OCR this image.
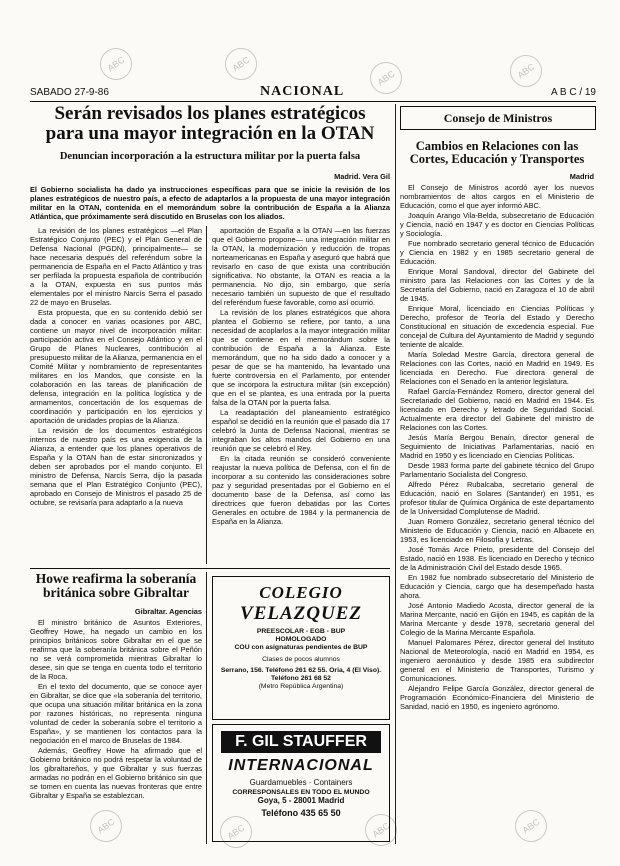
ABC	ABC
ABC	ABC
ABC	ABC	ABC	ABC
SABADO 27-9-86	NACIONAL	A B C / 19
Serán revisados los planes estratégicos
para una mayor integración en la OTAN
Denuncian incorporación a la estructura militar por la puerta falsa
Madrid. Vera Gil
El Gobierno socialista ha dado ya instrucciones específicas para que se inicie la revisión de los planes estratégicos de nuestro país, a efecto de adaptarlos a la propuesta de una mayor integración militar en la OTAN, contenida en el memorándum sobre la contribución de España a la Alianza Atlántica, que próximamente será discutido en Bruselas con los aliados.

La revisión de los planes estratégicos —el Plan Estratégico Conjunto (PEC) y el Plan General de Defensa Nacional (PGDN), principalmente— se hace necesaria después del referéndum sobre la permanencia de España en el Pacto Atlántico y tras ser perfilada la propuesta española de contribución a la OTAN, expuesta en sus puntos más elementales por el ministro Narcís Serra el pasado 22 de mayo en Bruselas.

Esta propuesta, que en su contenido debió ser dada a conocer en varias ocasiones por ABC, contiene un mayor nivel de incorporación militar: participación activa en el Consejo Atlántico y en el Grupo de Planes Nucleares, contribución al presupuesto militar de la Alianza, permanencia en el Comité Militar y nombramiento de representantes militares en los Mandos, que consiste en la colaboración en las tareas de planificación de defensa, integración en la política logística y de armamentos, concertación de los esquemas de coordinación y participación en los ejercicios y aportación de unidades propias de la Alianza.

La revisión de los documentos estratégicos internos de nuestro país es una exigencia de la Alianza, a entender que los planes operativos de España y la OTAN han de estar sincronizados y deben ser aprobados por el mando conjunto. El ministro de Defensa, Narcís Serra, dijo la pasada semana que el Plan Estratégico Conjunto (PEC), aprobado en Consejo de Ministros el pasado 25 de octubre, se revisaría para adaptarlo a la nueva

aportación de España a la OTAN —en las fuerzas que el Gobierno propone— una integración militar en la OTAN, la modernización y reducción de tropas norteamericanas en España y aseguró que habrá que revisarlo en caso de que exista una contribución significativa. No obstante, la OTAN es reacia a la permanencia. No dijo, sin embargo, que sería necesario también un supuesto de que el resultado del referéndum fuese favorable, como así ocurrió.

La revisión de los planes estratégicos que ahora plantea el Gobierno se refiere, por tanto, a una necesidad de acoplarlos a la mayor integración militar que se contiene en el memorándum sobre la contribución de España a la Alianza. Este memorándum, que no ha sido dado a conocer y a pesar de que se ha mantenido, ha levantado una fuerte controversia en el Parlamento, por entender que se incorpora la estructura militar (sin excepción) que en el se plantea, es una entrada por la puerta falsa de la OTAN por la puerta falsa.

La readaptación del planeamiento estratégico español se decidió en la reunión que el pasado día 17 celebró la Junta de Defensa Nacional, mientras se integraban los altos mandos del Gobierno en una reunión que se celebró el Rey.

En la citada reunión se consideró conveniente reajustar la nueva política de Defensa, con el fin de incorporar a su contenido las consideraciones sobre paz y seguridad presentadas por el Gobierno en el documento base de la Defensa, así como las directrices que fueron debatidas por las Cortes Generales en octubre de 1984 y la permanencia de España en la Alianza.

Howe reafirma la soberanía
británica sobre Gibraltar
Gibraltar. Agencias

El ministro británico de Asuntos Exteriores, Geoffrey Howe, ha negado un cambio en los principios británicos sobre Gibraltar en el que se reafirma que la soberanía británica sobre el Peñón no se verá comprometida mientras Gibraltar lo desee, sin que se tenga en cuenta todo el territorio de la Roca.

En el texto del documento, que se conoce ayer en Gibraltar, se dice que «la soberanía del territorio, que ocupa una situación militar británica en la zona por razones históricas, no representa ninguna voluntad de ceder la soberanía sobre el territorio a España», y se mantienen los contactos para la negociación en el marco de Bruselas de 1984.

Además, Geoffrey Howe ha afirmado que el Gobierno británico no podrá respetar la voluntad de los gibraltareños, y que Gibraltar y sus fuerzas armadas no podrán en el Gobierno británico sin que se tomen en cuenta las nuevas fronteras que entre Gibraltar y España se establezcan.

COLEGIO
VELAZQUEZ
PREESCOLAR - EGB - BUP
HOMOLOGADO
COU con asignaturas pendientes de BUP
Clases de pocos alumnos
Serrano, 156. Teléfono 261 62 55. Oria, 4 (El Viso). Teléfono 261 68 52
(Metro República Argentina)
F. GIL STAUFFER
INTERNACIONAL
Guardamuebles · Containers
CORRESPONSALES EN TODO EL MUNDO
Goya, 5 - 28001 Madrid
Teléfono 435 65 50
Consejo de Ministros
Cambios en Relaciones con las
Cortes, Educación y Transportes
Madrid

El Consejo de Ministros acordó ayer los nuevos nombramientos de altos cargos en el Ministerio de Educación, como el que ayer informó ABC.

Joaquín Arango Vila-Belda, subsecretario de Educación y Ciencia, nació en 1947 y es doctor en Ciencias Políticas y Sociología.

Fue nombrado secretario general técnico de Educación y Ciencia en 1982 y en 1985 secretario general de Educación.

Enrique Moral Sandoval, director del Gabinete del ministro para las Relaciones con las Cortes y de la Secretaría del Gobierno, nació en Zaragoza el 10 de abril de 1945.

Enrique Moral, licenciado en Ciencias Políticas y Derecho, profesor de Teoría del Estado y Derecho Constitucional en situación de excedencia especial. Fue concejal de Cultura del Ayuntamiento de Madrid y segundo teniente de alcalde.

María Soledad Mestre García, directora general de Relaciones con las Cortes, nació en Madrid en 1949. Es licenciada en Derecho. Fue directora general de Relaciones con el Senado en la anterior legislatura.

Rafael García-Fernández Romero, director general del Secretariado del Gobierno, nació en Madrid en 1944. Es licenciado en Derecho y letrado de Seguridad Social. Actualmente era director del Gabinete del ministro de Relaciones con las Cortes.

Jesús María Bergou Benaín, director general de Seguimiento de Iniciativas Parlamentarias, nació en Madrid en 1950 y es licenciado en Ciencias Políticas.

Desde 1983 forma parte del gabinete técnico del Grupo Parlamentario Socialista del Congreso.

Alfredo Pérez Rubalcaba, secretario general de Educación, nació en Solares (Santander) en 1951, es profesor titular de Química Orgánica de este departamento de la Universidad Complutense de Madrid.

Juan Romero González, secretario general técnico del Ministerio de Educación y Ciencia, nació en Albacete en 1953, es licenciado en Filosofía y Letras.

José Tomás Arce Prieto, presidente del Consejo del Estado, nació en 1938. Es licenciado en Derecho y técnico de la Administración Civil del Estado desde 1965.

En 1982 fue nombrado subsecretario del Ministerio de Educación y Ciencia, cargo que ha desempeñado hasta ahora.

José Antonio Madiedo Acosta, director general de la Marina Mercante, nació en Gijón en 1945, es capitán de la Marina Mercante y desde 1978, secretario general del Colegio de la Marina Mercante Española.

Manuel Palomares Pérez, director general del Instituto Nacional de Meteorología, nació en Madrid en 1954, es ingeniero aeronáutico y desde 1985 era subdirector general en el Ministerio de Transportes, Turismo y Comunicaciones.

Alejandro Felipe García González, director general de Programación Económico-Financiera del Ministerio de Sanidad, nació en 1950, es ingeniero agrónomo.
